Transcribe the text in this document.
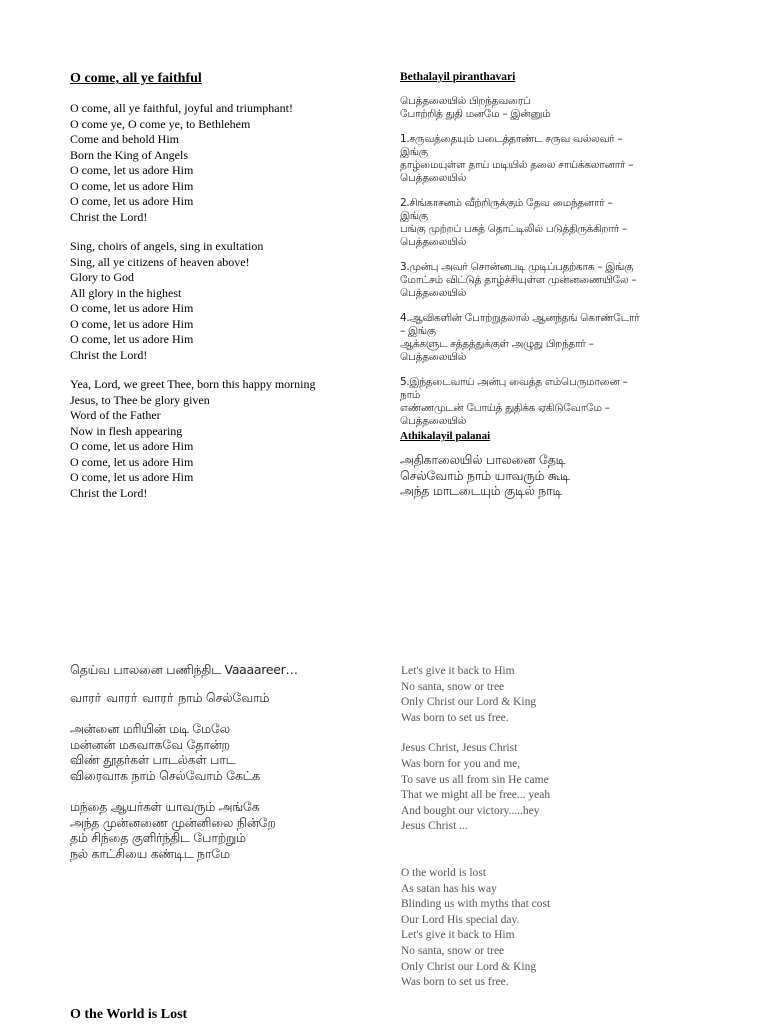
O come, all ye faithful
O come, all ye faithful, joyful and triumphant!
O come ye, O come ye, to Bethlehem
Come and behold Him
Born the King of Angels
O come, let us adore Him
O come, let us adore Him
O come, let us adore Him
Christ the Lord!
Sing, choirs of angels, sing in exultation
Sing, all ye citizens of heaven above!
Glory to God
All glory in the highest
O come, let us adore Him
O come, let us adore Him
O come, let us adore Him
Christ the Lord!
Yea, Lord, we greet Thee, born this happy morning
Jesus, to Thee be glory given
Word of the Father
Now in flesh appearing
O come, let us adore Him
O come, let us adore Him
O come, let us adore Him
Christ the Lord!
Bethalayil piranthavari
பெத்தலையில் பிறந்தவரைப்
போற்றித் துதி மனமே – இன்னும்
1.சருவத்தையும் படைத்தாண்ட சருவ வல்லவர் –
இங்கு
தாழ்மையுள்ள தாய் மடியில் தலை சாய்க்கலானார் –
பெத்தலையில்
2.சிங்காசனம் வீற்றிருக்கும் தேவ மைந்தனார் –
இங்கு
பங்கு முற்றப் பசுத் தொட்டிலில் படுத்திருக்கிறார் –
பெத்தலையில்
3.முன்பு அவர் சொன்னபடி முடிப்பதற்காக – இங்கு
மோட்சம் விட்டுத் தாழ்ச்சியுள்ள முன்னணையிலே –
பெத்தலையில்
4.ஆவிகளின் போற்றுதலால் ஆனந்தங் கொண்டோர்
– இங்கு
ஆக்களுட சத்தத்துக்குள் அழுது பிறந்தார் –
பெத்தலையில்
5.இந்தடைவாய் அன்பு வைத்த எம்பெருமானை –
நாம்
எண்ணமுடன் போய்த் துதிக்க ஏகிடுவோமே –
பெத்தலையில்
Athikalayil palanai
அதிகாலையில் பாலனை தேடி
செல்வோம் நாம் யாவரும் கூடி
அந்த மாடடையும் குடில் நாடி
தெய்வ பாலனை பணிந்திட Vaaaareer…
வாரா் வாரா் வாரா் நாம் செல்வோம்
அன்னை மரியின் மடி மேலே
மன்னன் மகவாகவே தோன்ற
விண் தூதர்கள் பாடல்கள் பாட
விரைவாக நாம் செல்வோம் கேட்க
மந்தை ஆயர்கள் யாவரும் அங்கே
அந்த முன்னணை முன்னிலை நின்றே
தம் சிந்தை குளிர்ந்திட போற்றும்
நல் காட்சியை கண்டிட நாமே
Let's give it back to Him
No santa, snow or tree
Only Christ our Lord & King
Was born to set us free.
Jesus Christ, Jesus Christ
Was born for you and me,
To save us all from sin He came
That we might all be free... yeah
And bought our victory.....hey
Jesus Christ ...
O the world is lost
As satan has his way
Blinding us with myths that cost
Our Lord His special day.
Let's give it back to Him
No santa, snow or tree
Only Christ our Lord & King
Was born to set us free.
O the World is Lost
